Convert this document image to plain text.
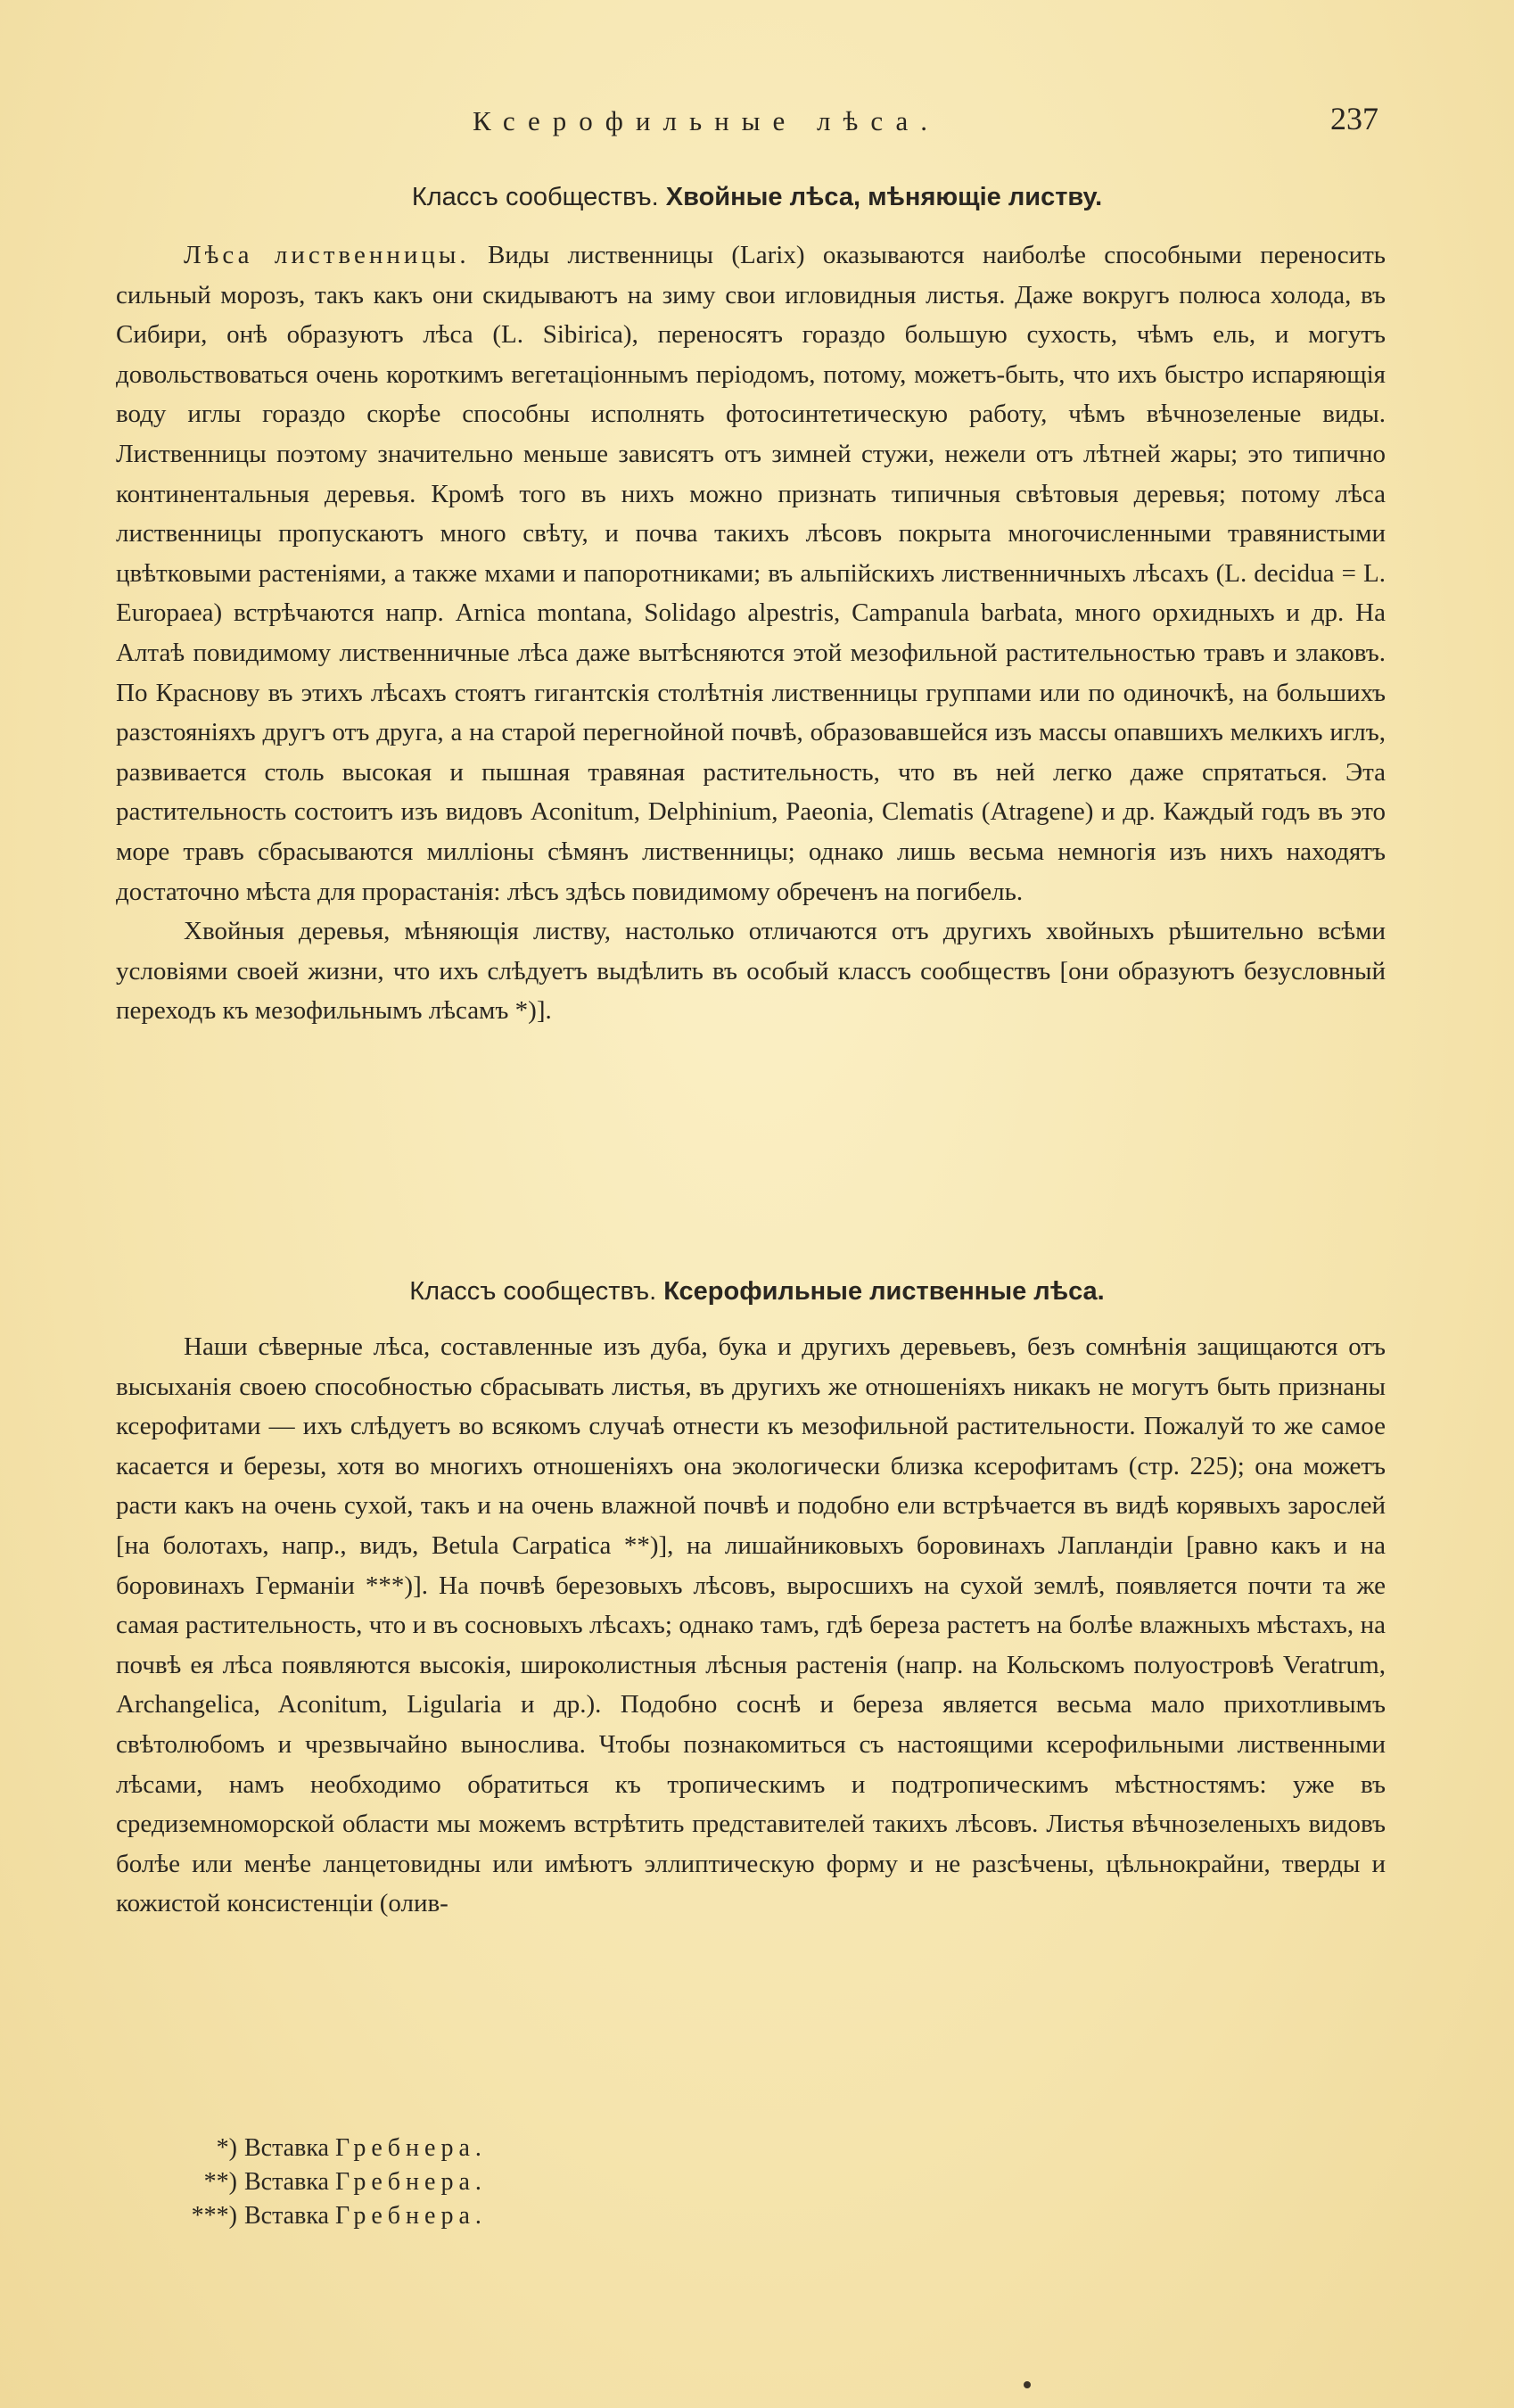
Ксерофильные лѣса.	237
Классъ сообществъ. Хвойные лѣса, мѣняющіе листву.

Лѣса лиственницы. Виды лиственницы (Larix) оказываются наиболѣе способными переносить сильный морозъ, такъ какъ они скидываютъ на зиму свои игловидныя листья. Даже вокругъ полюса холода, въ Сибири, онѣ образуютъ лѣса (L. Sibirica), переносятъ гораздо большую сухость, чѣмъ ель, и могутъ довольствоваться очень короткимъ вегетаціоннымъ періодомъ, потому, можетъ-быть, что ихъ быстро испаряющія воду иглы гораздо скорѣе способны исполнять фотосинтетическую работу, чѣмъ вѣчнозеленые виды. Лиственницы поэтому значительно меньше зависятъ отъ зимней стужи, нежели отъ лѣтней жары; это типично континентальныя деревья. Кромѣ того въ нихъ можно признать типичныя свѣтовыя деревья; потому лѣса лиственницы пропускаютъ много свѣту, и почва такихъ лѣсовъ покрыта многочисленными травянистыми цвѣтковыми растеніями, а также мхами и папоротниками; въ альпійскихъ лиственничныхъ лѣсахъ (L. decidua = L. Europaea) встрѣчаются напр. Arnica montana, Solidago alpestris, Campanula barbata, много орхидныхъ и др. На Алтаѣ повидимому лиственничные лѣса даже вытѣсняются этой мезофильной растительностью травъ и злаковъ. По Краснову въ этихъ лѣсахъ стоятъ гигантскія столѣтнія лиственницы группами или по одиночкѣ, на большихъ разстояніяхъ другъ отъ друга, а на старой перегнойной почвѣ, образовавшейся изъ массы опавшихъ мелкихъ иглъ, развивается столь высокая и пышная травяная растительность, что въ ней легко даже спрятаться. Эта растительность состоитъ изъ видовъ Aconitum, Delphinium, Paeonia, Clematis (Atragene) и др. Каждый годъ въ это море травъ сбрасываются милліоны сѣмянъ лиственницы; однако лишь весьма немногія изъ нихъ находятъ достаточно мѣста для прорастанія: лѣсъ здѣсь повидимому обреченъ на погибель.

Хвойныя деревья, мѣняющія листву, настолько отличаются отъ другихъ хвойныхъ рѣшительно всѣми условіями своей жизни, что ихъ слѣдуетъ выдѣлить въ особый классъ сообществъ [они образуютъ безусловный переходъ къ мезофильнымъ лѣсамъ *)].

Классъ сообществъ. Ксерофильные лиственные лѣса.

Наши сѣверные лѣса, составленные изъ дуба, бука и другихъ деревьевъ, безъ сомнѣнія защищаются отъ высыханія своею способностью сбрасывать листья, въ другихъ же отношеніяхъ никакъ не могутъ быть признаны ксерофитами — ихъ слѣдуетъ во всякомъ случаѣ отнести къ мезофильной растительности. Пожалуй то же самое касается и березы, хотя во многихъ отношеніяхъ она экологически близка ксерофитамъ (стр. 225); она можетъ расти какъ на очень сухой, такъ и на очень влажной почвѣ и подобно ели встрѣчается въ видѣ корявыхъ зарослей [на болотахъ, напр., видъ, Betula Carpatica **)], на лишайниковыхъ боровинахъ Лапландіи [равно какъ и на боровинахъ Германіи ***)]. На почвѣ березовыхъ лѣсовъ, выросшихъ на сухой землѣ, появляется почти та же самая растительность, что и въ сосновыхъ лѣсахъ; однако тамъ, гдѣ береза растетъ на болѣе влажныхъ мѣстахъ, на почвѣ ея лѣса появляются высокія, широколистныя лѣсныя растенія (напр. на Кольскомъ полуостровѣ Veratrum, Archangelica, Aconitum, Ligularia и др.). Подобно соснѣ и береза является весьма мало прихотливымъ свѣтолюбомъ и чрезвычайно вынослива. Чтобы познакомиться съ настоящими ксерофильными лиственными лѣсами, намъ необходимо обратиться къ тропическимъ и подтропическимъ мѣстностямъ: уже въ средиземноморской области мы можемъ встрѣтить представителей такихъ лѣсовъ. Листья вѣчнозеленыхъ видовъ болѣе или менѣе ланцетовидны или имѣютъ эллиптическую форму и не разсѣчены, цѣльнокрайни, тверды и кожистой консистенціи (олив-

*) Вставка Гребнера.

**) Вставка Гребнера.

***) Вставка Гребнера.
